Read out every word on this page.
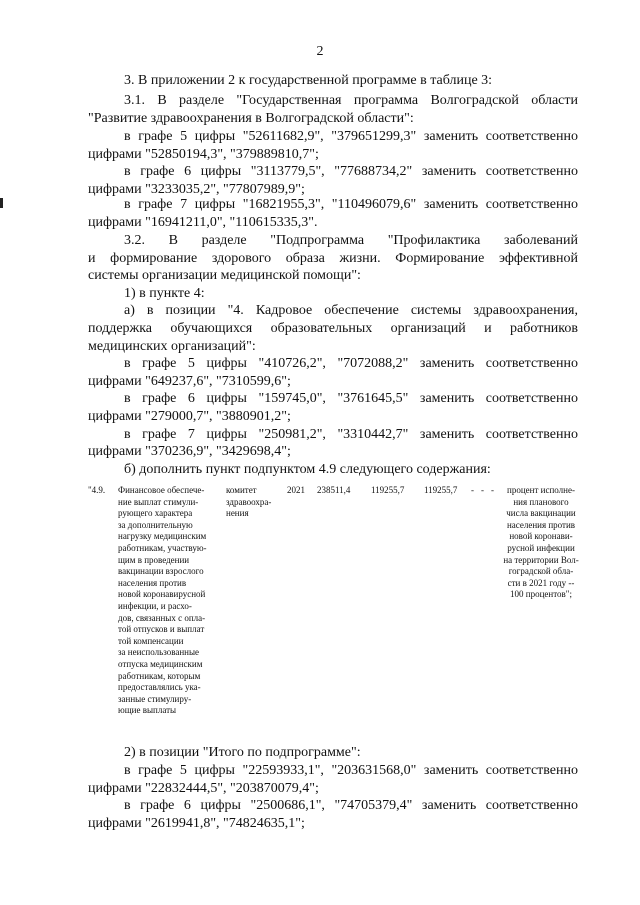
2
3. В приложении 2 к государственной программе в таблице 3:
3.1. В разделе "Государственная программа Волгоградской области
"Развитие здравоохранения в Волгоградской области":
в графе 5 цифры "52611682,9", "379651299,3" заменить соответственно
цифрами "52850194,3", "379889810,7";
в графе 6 цифры "3113779,5", "77688734,2" заменить соответственно
цифрами "3233035,2", "77807989,9";
в графе 7 цифры "16821955,3", "110496079,6" заменить соответственно
цифрами "16941211,0", "110615335,3".
3.2. В разделе "Подпрограмма "Профилактика заболеваний
и формирование здорового образа жизни. Формирование эффективной
системы организации медицинской помощи":
1) в пункте 4:
а) в позиции "4. Кадровое обеспечение системы здравоохранения,
поддержка обучающихся образовательных организаций и работников
медицинских организаций":
в графе 5 цифры "410726,2", "7072088,2" заменить соответственно
цифрами "649237,6", "7310599,6";
в графе 6 цифры "159745,0", "3761645,5" заменить соответственно
цифрами "279000,7", "3880901,2";
в графе 7 цифры "250981,2", "3310442,7" заменить соответственно
цифрами "370236,9", "3429698,4";
б) дополнить пункт подпунктом 4.9 следующего содержания:
"4.9. Финансовое обеспече-
ние выплат стимули-
рующего характера
за дополнительную
нагрузку медицинским
работникам, участвую-
щим в проведении
вакцинации взрослого
населения против
новой коронавирусной
инфекции, и расхо-
дов, связанных с опла-
той отпусков и выплат
той компенсации
за неиспользованные
отпуска медицинским
работникам, которым
предоставлялись ука-
занные стимулиру-
ющие выплаты
комитет
здравоохра-
нения
2021 238511,4 119255,7 119255,7 - - -	процент исполне-
ния планового
числа вакцинации
населения против
новой коронави-
русной инфекции
на территории Вол-
гоградской обла-
сти в 2021 году --
100 процентов";
2) в позиции "Итого по подпрограмме":
в графе 5 цифры "22593933,1", "203631568,0" заменить соответственно
цифрами "22832444,5", "203870079,4";
в графе 6 цифры "2500686,1", "74705379,4" заменить соответственно
цифрами "2619941,8", "74824635,1";
